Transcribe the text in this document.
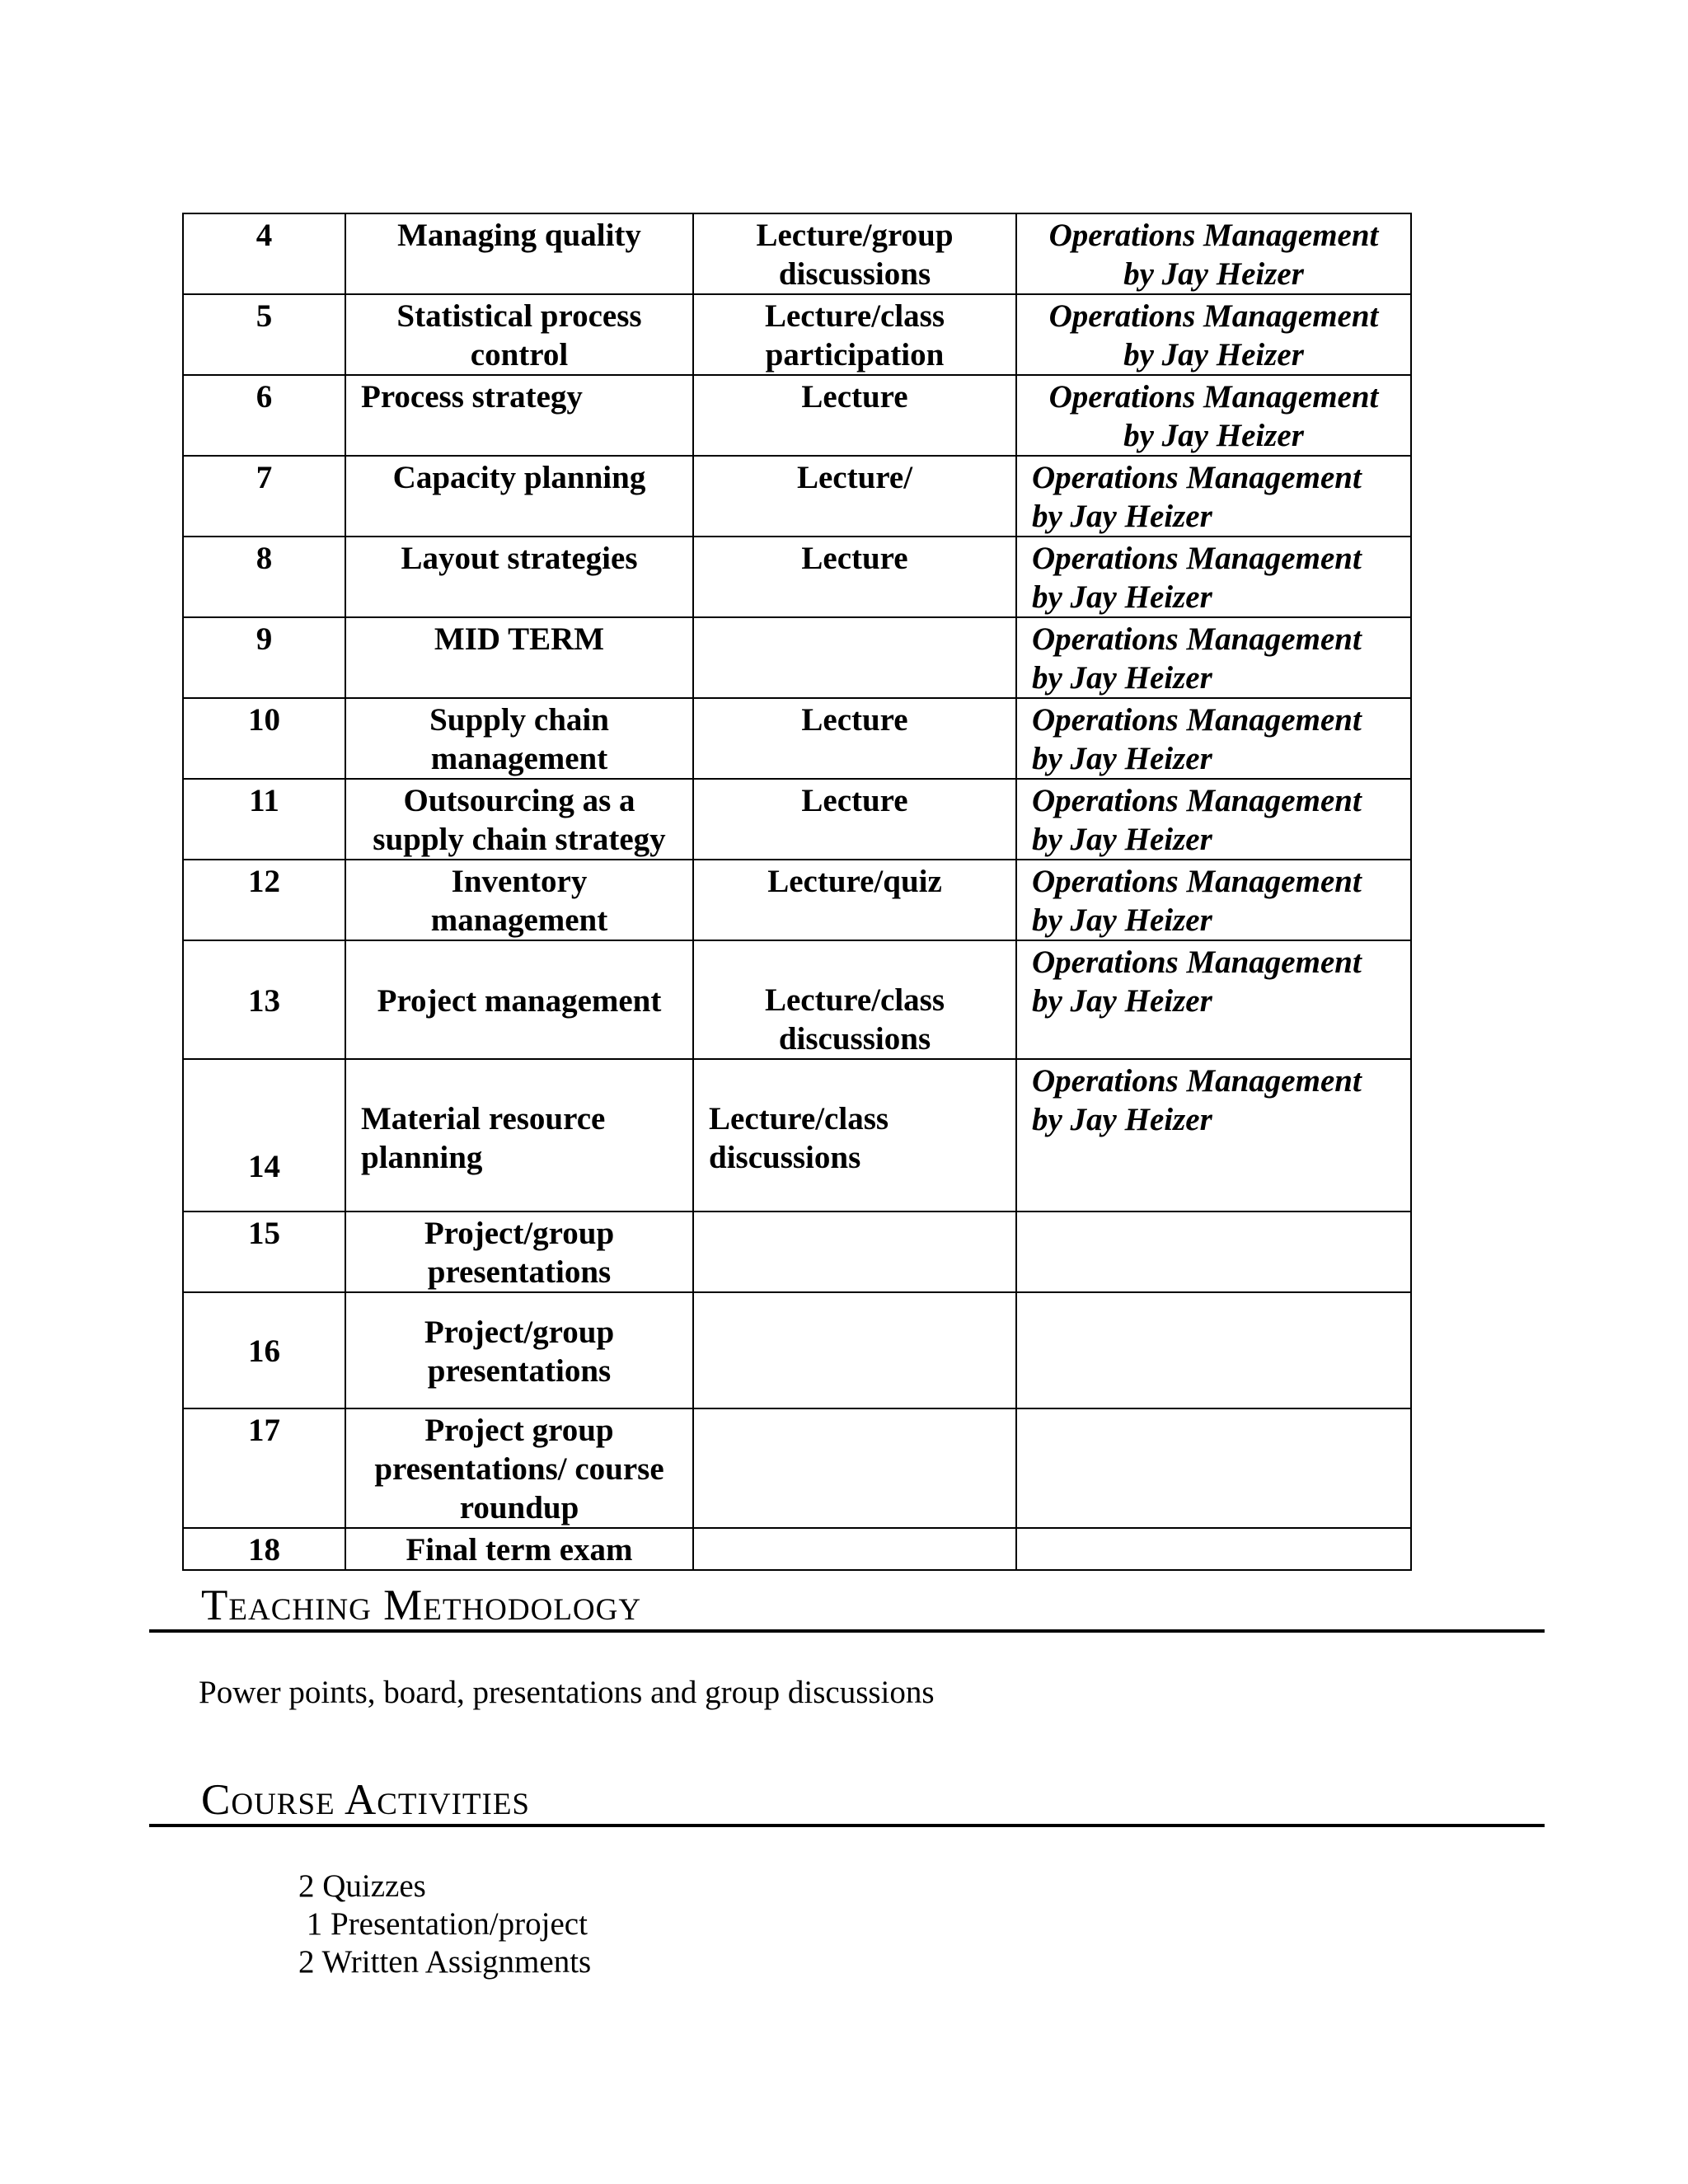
4	Managing quality	Lecture/group discussions	Operations Management by Jay Heizer
5	Statistical process control	Lecture/class participation	Operations Management by Jay Heizer
6	Process strategy	Lecture	Operations Management by Jay Heizer
7	Capacity planning	Lecture/	Operations Management by Jay Heizer
8	Layout strategies	Lecture	Operations Management by Jay Heizer
9	MID TERM		Operations Management by Jay Heizer
10	Supply chain management	Lecture	Operations Management by Jay Heizer
11	Outsourcing as a supply chain strategy	Lecture	Operations Management by Jay Heizer
12	Inventory management	Lecture/quiz	Operations Management by Jay Heizer
13	Project management	Lecture/class discussions	Operations Management by Jay Heizer
14	Material resource planning	Lecture/class discussions	Operations Management by Jay Heizer
15	Project/group presentations		
16	Project/group presentations		
17	Project group presentations/ course roundup		
18	Final term exam		
Teaching Methodology

Power points, board, presentations and group discussions

Course Activities
2 Quizzes
1 Presentation/project
2 Written Assignments
